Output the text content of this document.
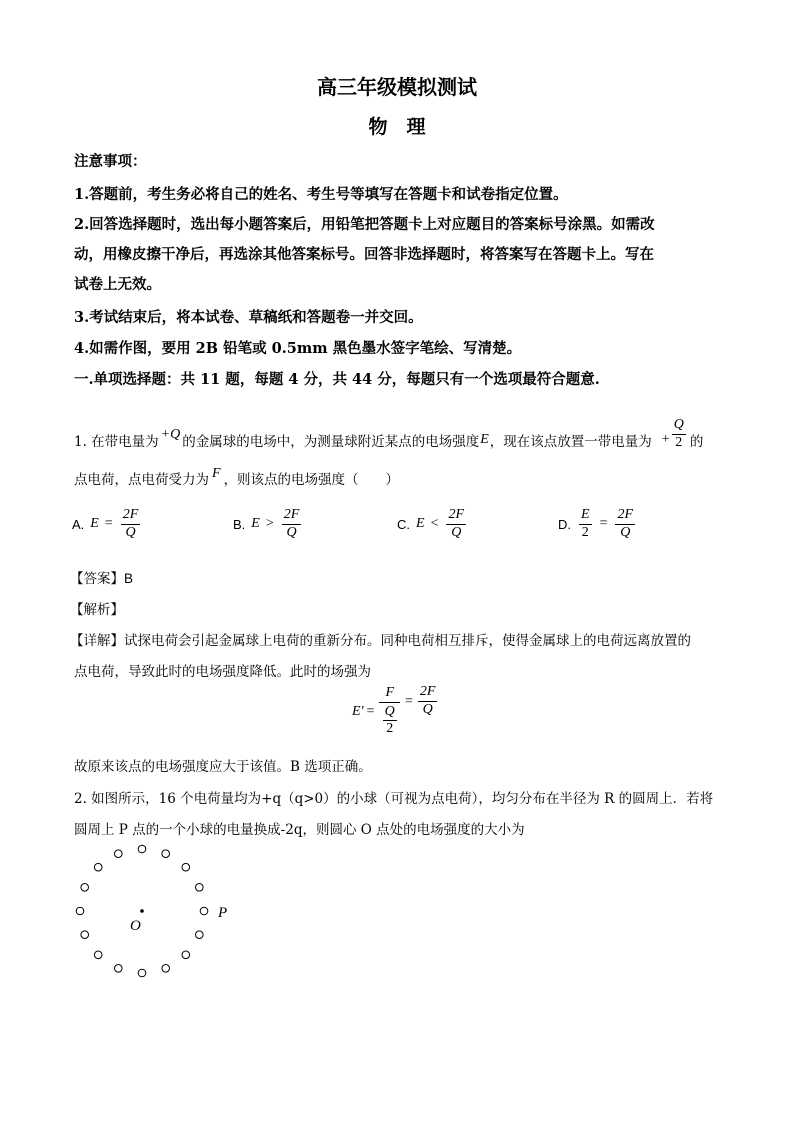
高三年级模拟测试
物　理
注意事项：
1.答题前，考生务必将自己的姓名、考生号等填写在答题卡和试卷指定位置。
2.回答选择题时，选出每小题答案后，用铅笔把答题卡上对应题目的答案标号涂黑。如需改
动，用橡皮擦干净后，再选涂其他答案标号。回答非选择题时，将答案写在答题卡上。写在
试卷上无效。
3.考试结束后，将本试卷、草稿纸和答题卷一并交回。
4.如需作图，要用 2B 铅笔或 0.5mm 黑色墨水签字笔绘、写清楚。
一.单项选择题：共 11 题，每题 4 分，共 44 分，每题只有一个选项最符合题意.
1. 在带电量为 +Q 的金属球的电场中，为测量球附近某点的电场强度 E ，现在该点放置一带电量为 + $\frac{Q}{2}$ 的
点电荷，点电荷受力为 F ，则该点的电场强度（　　）
A. $E = \frac{2F}{Q}$	B. $E > \frac{2F}{Q}$	C. $E < \frac{2F}{Q}$	D. $\frac{E}{2} = \frac{2F}{Q}$
【答案】B
【解析】
【详解】试探电荷会引起金属球上电荷的重新分布。同种电荷相互排斥，使得金属球上的电荷远离放置的
点电荷，导致此时的电场强度降低。此时的场强为
$E' = \frac{F}{\frac{Q}{2}} = \frac{2F}{Q}$
故原来该点的电场强度应大于该值。B 选项正确。
2. 如图所示，16 个电荷量均为+q（q>0）的小球（可视为点电荷），均匀分布在半径为 R 的圆周上．若将
圆周上 P 点的一个小球的电量换成-2q，则圆心 O 点处的电场强度的大小为
O
P
